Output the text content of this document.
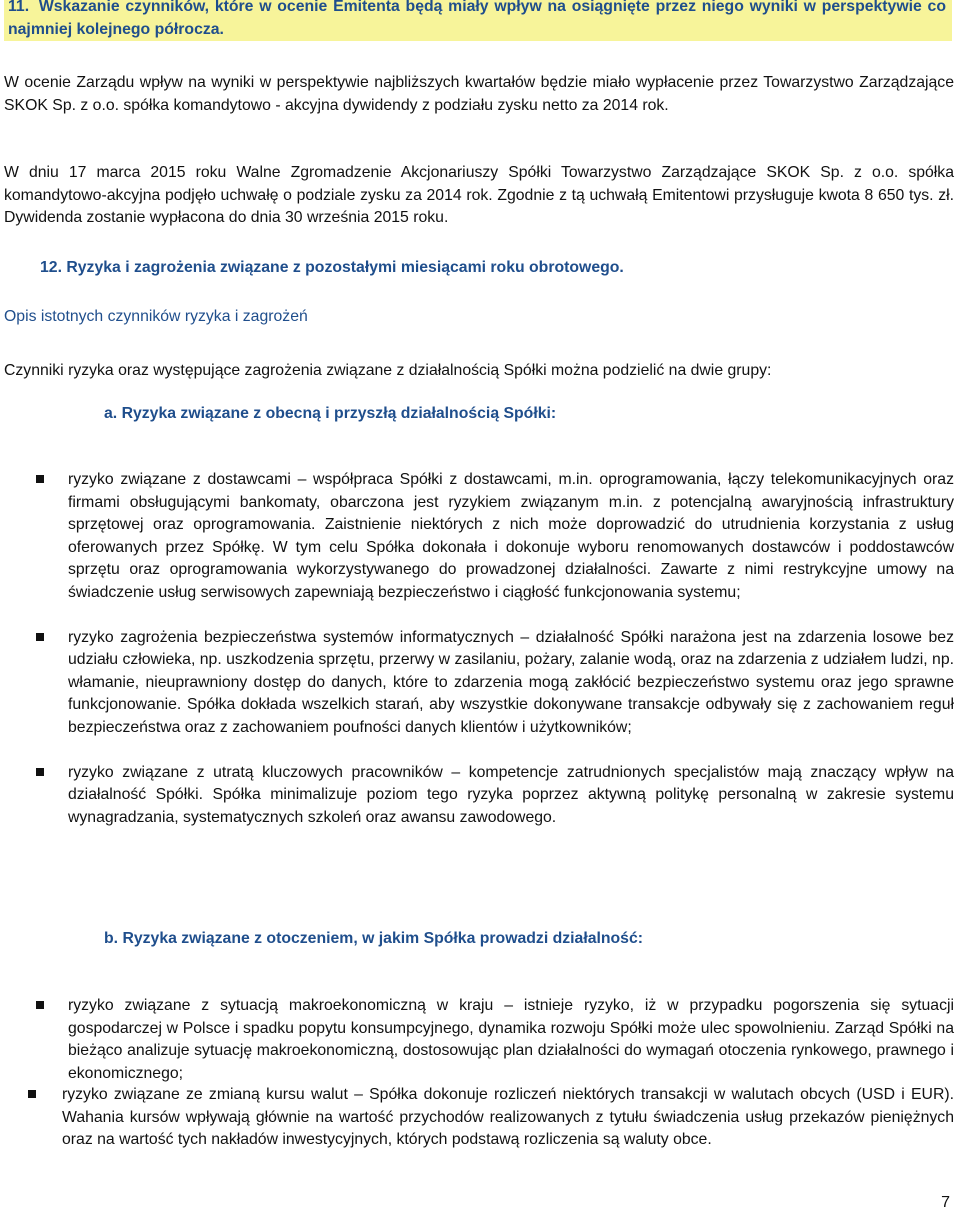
11. Wskazanie czynników, które w ocenie Emitenta będą miały wpływ na osiągnięte przez niego wyniki w perspektywie co najmniej kolejnego półrocza.

W ocenie Zarządu wpływ na wyniki w perspektywie najbliższych kwartałów będzie miało wypłacenie przez Towarzystwo Zarządzające SKOK Sp. z o.o. spółka komandytowo - akcyjna dywidendy z podziału zysku netto za 2014 rok.

W dniu 17 marca 2015 roku Walne Zgromadzenie Akcjonariuszy Spółki Towarzystwo Zarządzające SKOK Sp. z o.o. spółka komandytowo-akcyjna podjęło uchwałę o podziale zysku za 2014 rok. Zgodnie z tą uchwałą Emitentowi przysługuje kwota 8 650 tys. zł. Dywidenda zostanie wypłacona do dnia 30 września 2015 roku.

12. Ryzyka i zagrożenia związane z pozostałymi miesiącami roku obrotowego.
Opis istotnych czynników ryzyka i zagrożeń

Czynniki ryzyka oraz występujące zagrożenia związane z działalnością Spółki można podzielić na dwie grupy:

a. Ryzyka związane z obecną i przyszłą działalnością Spółki:
ryzyko związane z dostawcami – współpraca Spółki z dostawcami, m.in. oprogramowania, łączy telekomunikacyjnych oraz firmami obsługującymi bankomaty, obarczona jest ryzykiem związanym m.in. z potencjalną awaryjnością infrastruktury sprzętowej oraz oprogramowania. Zaistnienie niektórych z nich może doprowadzić do utrudnienia korzystania z usług oferowanych przez Spółkę. W tym celu Spółka dokonała i dokonuje wyboru renomowanych dostawców i poddostawców sprzętu oraz oprogramowania wykorzystywanego do prowadzonej działalności. Zawarte z nimi restrykcyjne umowy na świadczenie usług serwisowych zapewniają bezpieczeństwo i ciągłość funkcjonowania systemu;
ryzyko zagrożenia bezpieczeństwa systemów informatycznych – działalność Spółki narażona jest na zdarzenia losowe bez udziału człowieka, np. uszkodzenia sprzętu, przerwy w zasilaniu, pożary, zalanie wodą, oraz na zdarzenia z udziałem ludzi, np. włamanie, nieuprawniony dostęp do danych, które to zdarzenia mogą zakłócić bezpieczeństwo systemu oraz jego sprawne funkcjonowanie. Spółka dokłada wszelkich starań, aby wszystkie dokonywane transakcje odbywały się z zachowaniem reguł bezpieczeństwa oraz z zachowaniem poufności danych klientów i użytkowników;
ryzyko związane z utratą kluczowych pracowników – kompetencje zatrudnionych specjalistów mają znaczący wpływ na działalność Spółki. Spółka minimalizuje poziom tego ryzyka poprzez aktywną politykę personalną w zakresie systemu wynagradzania, systematycznych szkoleń oraz awansu zawodowego.
b. Ryzyka związane z otoczeniem, w jakim Spółka prowadzi działalność:
ryzyko związane z sytuacją makroekonomiczną w kraju – istnieje ryzyko, iż w przypadku pogorszenia się sytuacji gospodarczej w Polsce i spadku popytu konsumpcyjnego, dynamika rozwoju Spółki może ulec spowolnieniu. Zarząd Spółki na bieżąco analizuje sytuację makroekonomiczną, dostosowując plan działalności do wymagań otoczenia rynkowego, prawnego i ekonomicznego;
ryzyko związane ze zmianą kursu walut – Spółka dokonuje rozliczeń niektórych transakcji w walutach obcych (USD i EUR). Wahania kursów wpływają głównie na wartość przychodów realizowanych z tytułu świadczenia usług przekazów pieniężnych oraz na wartość tych nakładów inwestycyjnych, których podstawą rozliczenia są waluty obce.
7
